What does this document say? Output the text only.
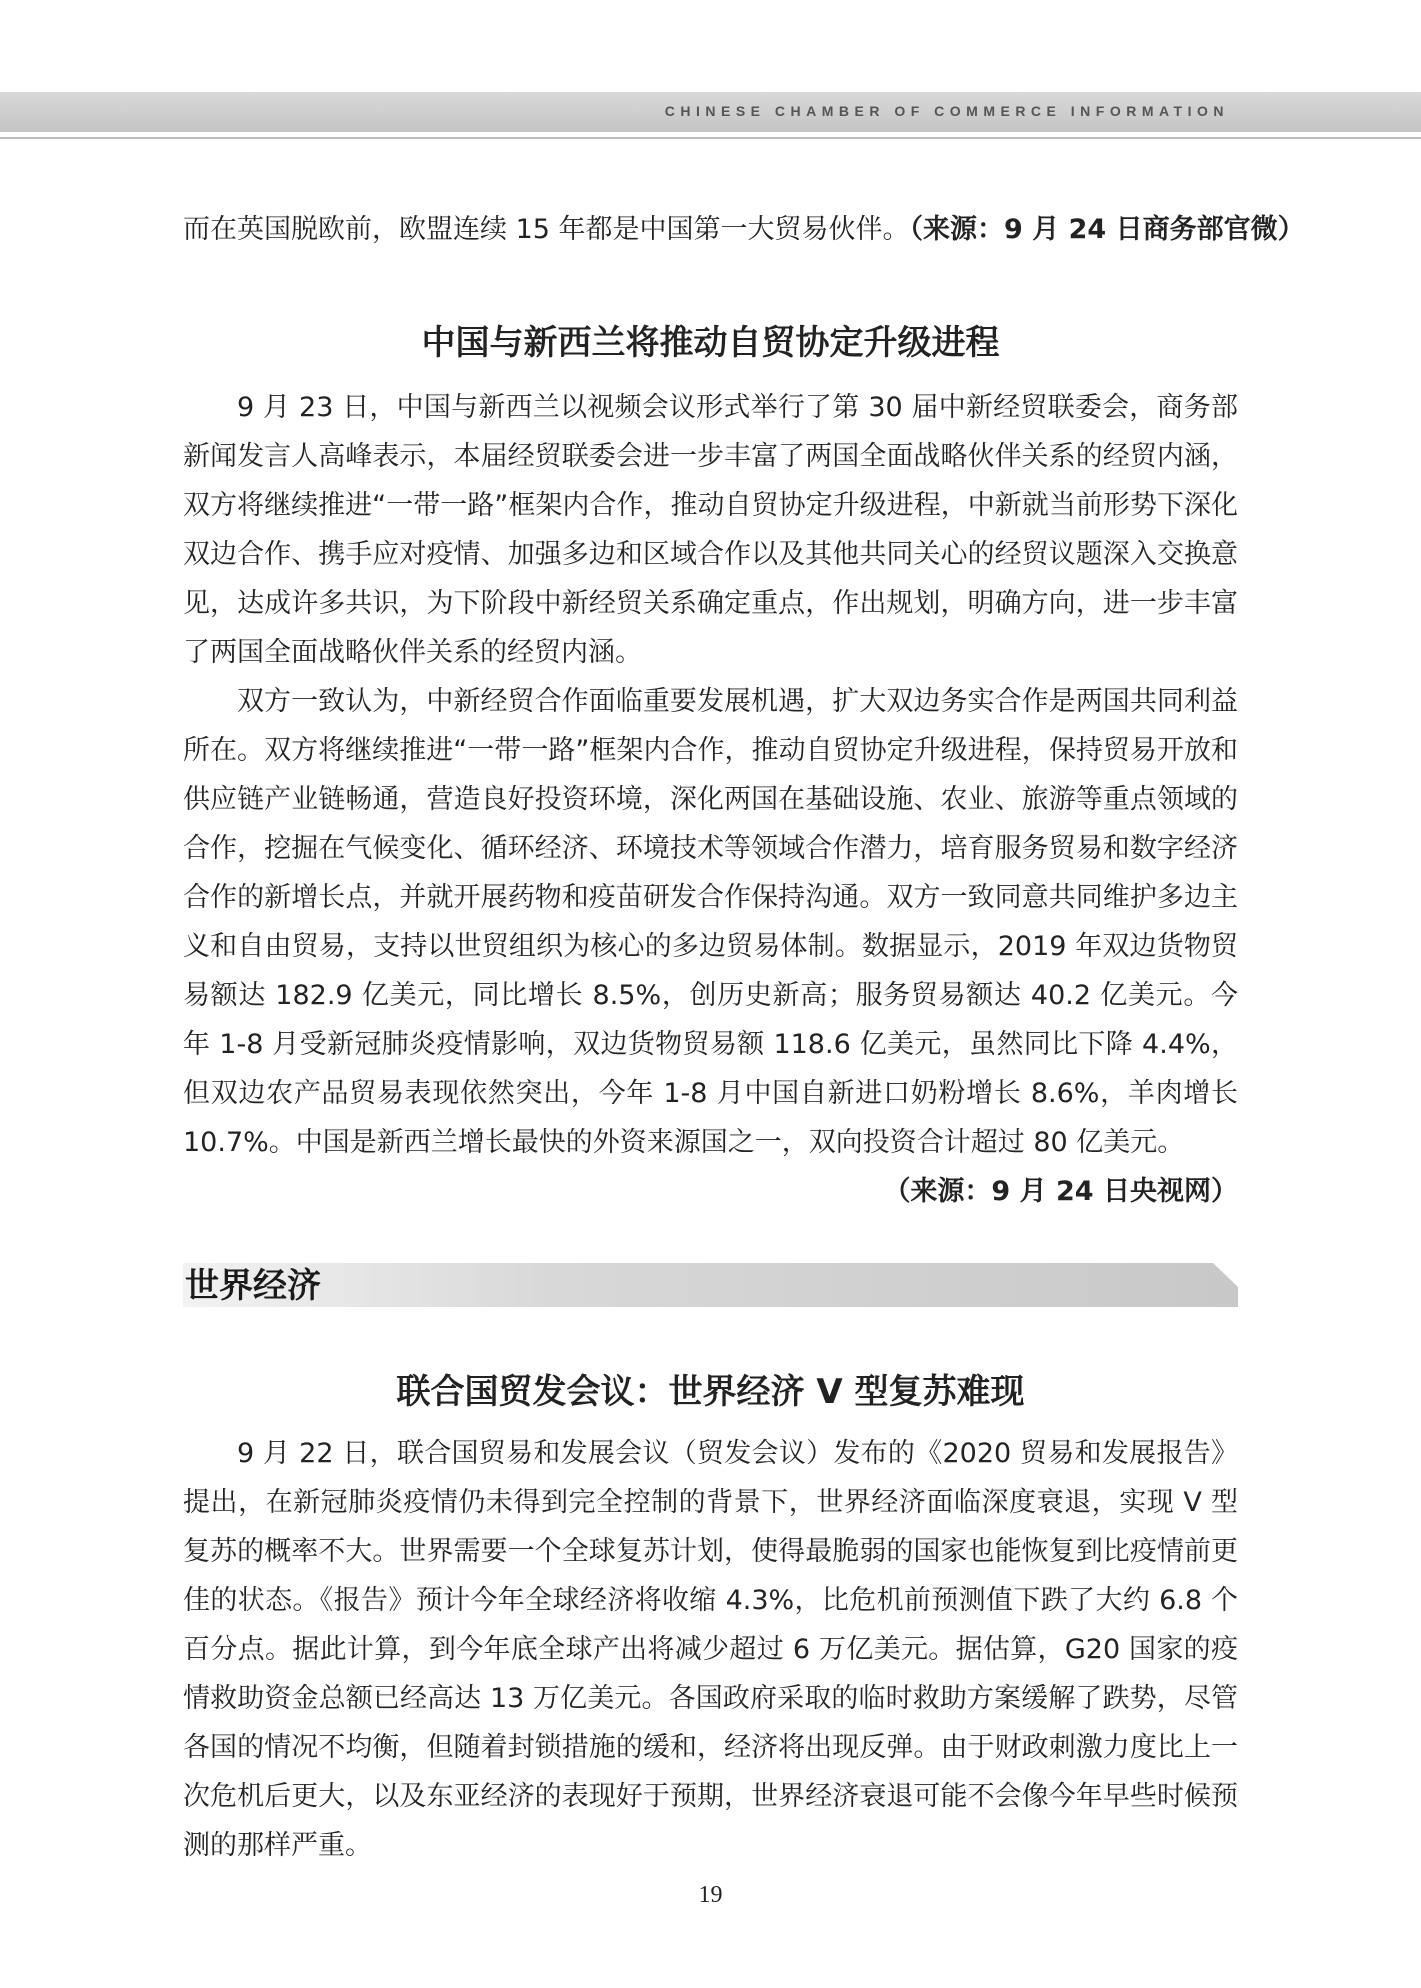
CHINESE CHAMBER OF COMMERCE INFORMATION

而在英国脱欧前，欧盟连续 15 年都是中国第一大贸易伙伴。（来源：9 月 24 日商务部官微）

中国与新西兰将推动自贸协定升级进程

9 月 23 日，中国与新西兰以视频会议形式举行了第 30 届中新经贸联委会，商务部新闻发言人高峰表示，本届经贸联委会进一步丰富了两国全面战略伙伴关系的经贸内涵，双方将继续推进“一带一路”框架内合作，推动自贸协定升级进程，中新就当前形势下深化双边合作、携手应对疫情、加强多边和区域合作以及其他共同关心的经贸议题深入交换意见，达成许多共识，为下阶段中新经贸关系确定重点，作出规划，明确方向，进一步丰富了两国全面战略伙伴关系的经贸内涵。

双方一致认为，中新经贸合作面临重要发展机遇，扩大双边务实合作是两国共同利益所在。双方将继续推进“一带一路”框架内合作，推动自贸协定升级进程，保持贸易开放和供应链产业链畅通，营造良好投资环境，深化两国在基础设施、农业、旅游等重点领域的合作，挖掘在气候变化、循环经济、环境技术等领域合作潜力，培育服务贸易和数字经济合作的新增长点，并就开展药物和疫苗研发合作保持沟通。双方一致同意共同维护多边主义和自由贸易，支持以世贸组织为核心的多边贸易体制。数据显示，2019 年双边货物贸易额达 182.9 亿美元，同比增长 8.5%，创历史新高；服务贸易额达 40.2 亿美元。今年 1-8 月受新冠肺炎疫情影响，双边货物贸易额 118.6 亿美元，虽然同比下降 4.4%，但双边农产品贸易表现依然突出，今年 1-8 月中国自新进口奶粉增长 8.6%，羊肉增长 10.7%。中国是新西兰增长最快的外资来源国之一，双向投资合计超过 80 亿美元。
（来源：9 月 24 日央视网）

世界经济
联合国贸发会议：世界经济 V 型复苏难现

9 月 22 日，联合国贸易和发展会议（贸发会议）发布的《2020 贸易和发展报告》提出，在新冠肺炎疫情仍未得到完全控制的背景下，世界经济面临深度衰退，实现 V 型复苏的概率不大。世界需要一个全球复苏计划，使得最脆弱的国家也能恢复到比疫情前更佳的状态。《报告》预计今年全球经济将收缩 4.3%，比危机前预测值下跌了大约 6.8 个百分点。据此计算，到今年底全球产出将减少超过 6 万亿美元。据估算，G20 国家的疫情救助资金总额已经高达 13 万亿美元。各国政府采取的临时救助方案缓解了跌势，尽管各国的情况不均衡，但随着封锁措施的缓和，经济将出现反弹。由于财政刺激力度比上一次危机后更大，以及东亚经济的表现好于预期，世界经济衰退可能不会像今年早些时候预测的那样严重。

19
